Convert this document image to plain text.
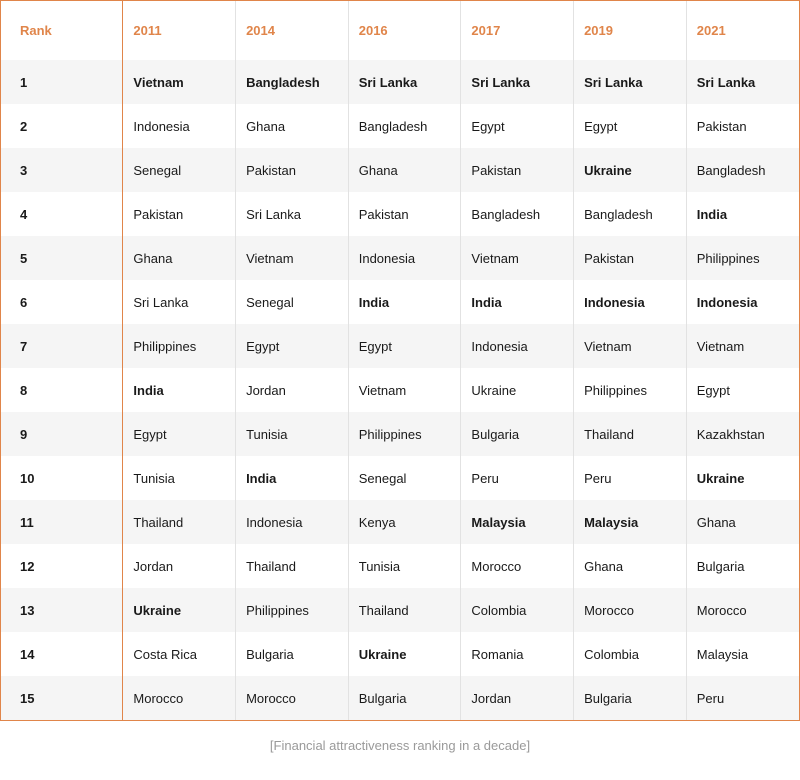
Rank	2011	2014	2016	2017	2019	2021
1	Vietnam	Bangladesh	Sri Lanka	Sri Lanka	Sri Lanka	Sri Lanka
2	Indonesia	Ghana	Bangladesh	Egypt	Egypt	Pakistan
3	Senegal	Pakistan	Ghana	Pakistan	Ukraine	Bangladesh
4	Pakistan	Sri Lanka	Pakistan	Bangladesh	Bangladesh	India
5	Ghana	Vietnam	Indonesia	Vietnam	Pakistan	Philippines
6	Sri Lanka	Senegal	India	India	Indonesia	Indonesia
7	Philippines	Egypt	Egypt	Indonesia	Vietnam	Vietnam
8	India	Jordan	Vietnam	Ukraine	Philippines	Egypt
9	Egypt	Tunisia	Philippines	Bulgaria	Thailand	Kazakhstan
10	Tunisia	India	Senegal	Peru	Peru	Ukraine
11	Thailand	Indonesia	Kenya	Malaysia	Malaysia	Ghana
12	Jordan	Thailand	Tunisia	Morocco	Ghana	Bulgaria
13	Ukraine	Philippines	Thailand	Colombia	Morocco	Morocco
14	Costa Rica	Bulgaria	Ukraine	Romania	Colombia	Malaysia
15	Morocco	Morocco	Bulgaria	Jordan	Bulgaria	Peru
[Financial attractiveness ranking in a decade]
